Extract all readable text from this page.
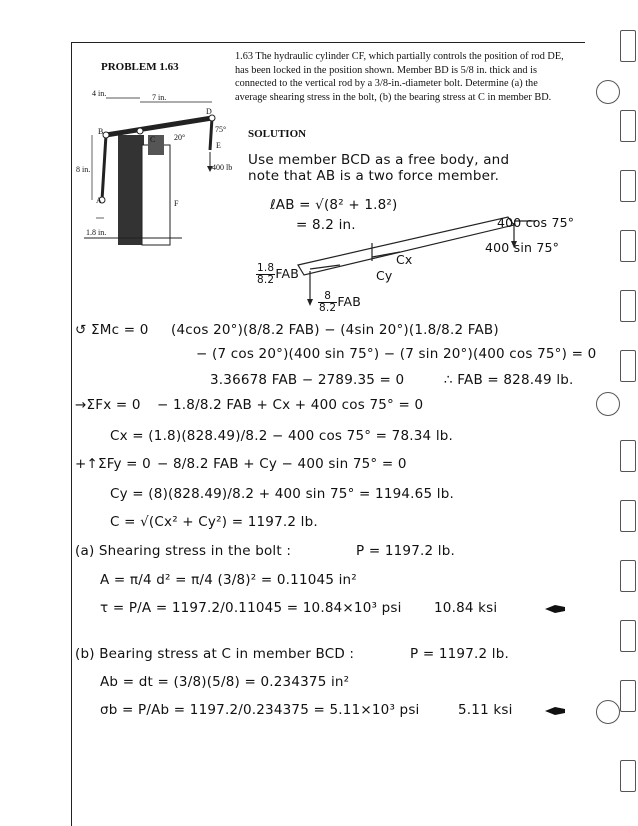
PROBLEM 1.63
1.63 The hydraulic cylinder CF, which partially controls the position of rod DE, has been locked in the position shown. Member BD is 5/8 in. thick and is connected to the vertical rod by a 3/8-in.-diameter bolt. Determine (a) the average shearing stress in the bolt, (b) the bearing stress at C in member BD.
SOLUTION
4 in.	7 in.
8 in.
1.8 in.
20°
75°
400 lb
A
B
C
D
E
F
400 cos 75°
400 sin 75°
Cx
Cy
$\frac{1.8}{8.2}$ FAB
$\frac{8}{8.2}$ FAB
Use member BCD as a free body, and
note that AB is a two force member.
ℓAB = √(8² + 1.8²)
= 8.2 in.
↺ ΣMc = 0 (4cos 20°)(8/8.2 FAB) − (4sin 20°)(1.8/8.2 FAB)
− (7 cos 20°)(400 sin 75°) − (7 sin 20°)(400 cos 75°) = 0
3.36678 FAB − 2789.35 = 0	∴ FAB = 828.49 lb.
→ΣFx = 0 − 1.8/8.2 FAB + Cx + 400 cos 75° = 0
Cx = (1.8)(828.49)/8.2 − 400 cos 75° = 78.34 lb.
+↑ΣFy = 0 − 8/8.2 FAB + Cy − 400 sin 75° = 0
Cy = (8)(828.49)/8.2 + 400 sin 75° = 1194.65 lb.
C = √(Cx² + Cy²) = 1197.2 lb.
(a) Shearing stress in the bolt :	P = 1197.2 lb.
A = π/4 d² = π/4 (3/8)² = 0.11045 in²
τ = P/A = 1197.2/0.11045 = 10.84×10³ psi 10.84 ksi
(b) Bearing stress at C in member BCD :	P = 1197.2 lb.
Ab = dt = (3/8)(5/8) = 0.234375 in²
σb = P/Ab = 1197.2/0.234375 = 5.11×10³ psi	5.11 ksi
